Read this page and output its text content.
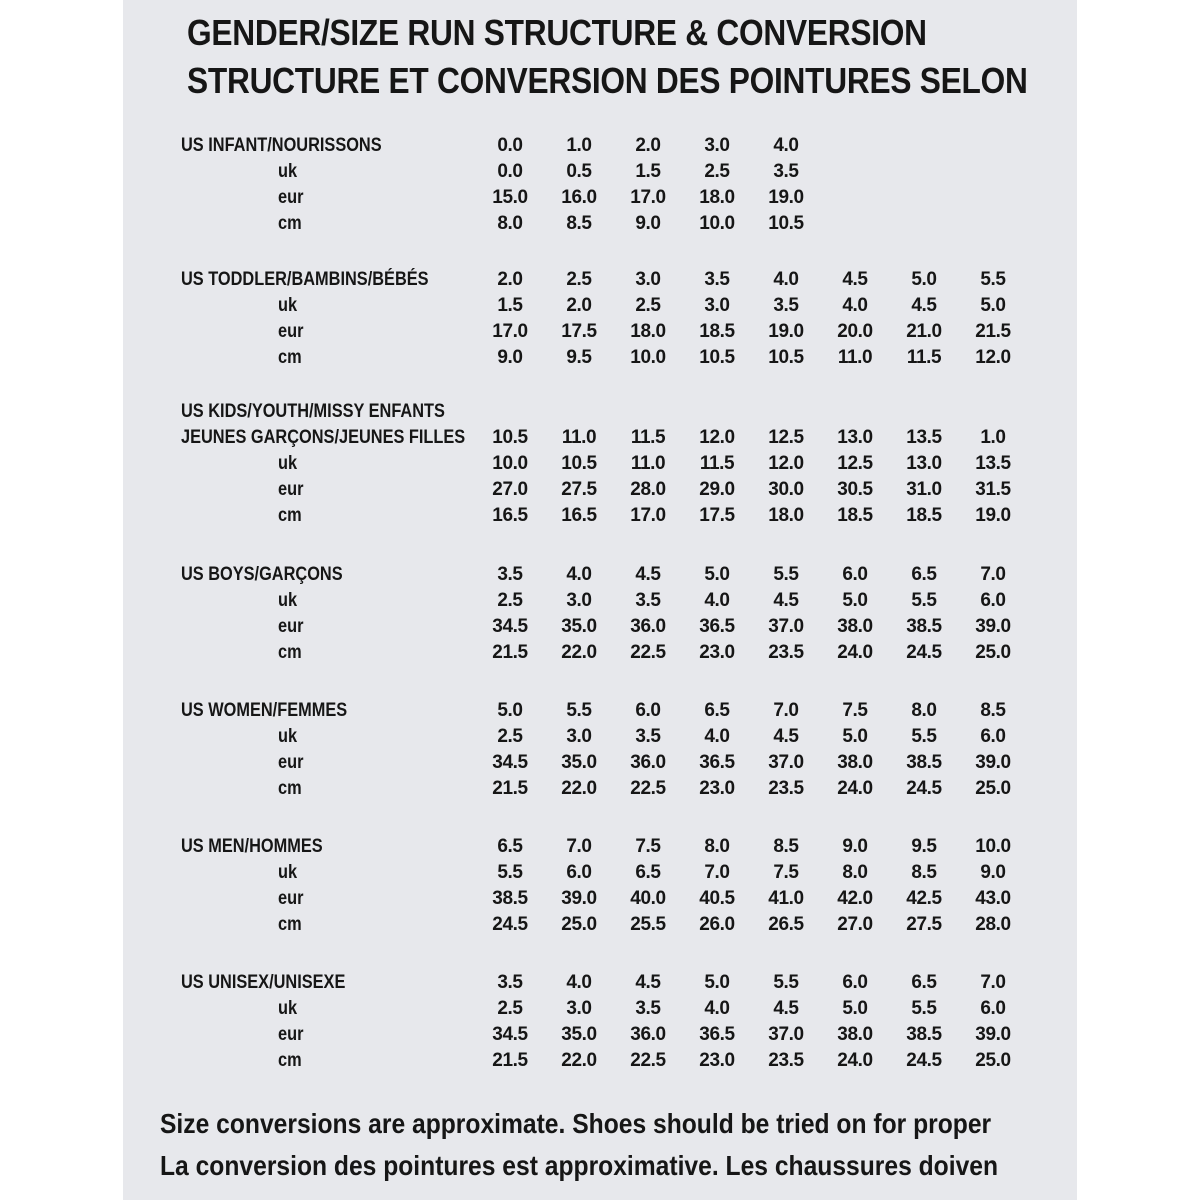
GENDER/SIZE RUN STRUCTURE & CONVERSION
STRUCTURE ET CONVERSION DES POINTURES SELON
US INFANT/NOURISSONS	0.0	1.0	2.0	3.0	4.0
uk	0.0	0.5	1.5	2.5	3.5
eur	15.0	16.0	17.0	18.0	19.0
cm	8.0	8.5	9.0	10.0	10.5
US TODDLER/BAMBINS/BÉBÉS	2.0	2.5	3.0	3.5	4.0	4.5	5.0	5.5
uk	1.5	2.0	2.5	3.0	3.5	4.0	4.5	5.0
eur	17.0	17.5	18.0	18.5	19.0	20.0	21.0	21.5
cm	9.0	9.5	10.0	10.5	10.5	11.0	11.5	12.0
US KIDS/YOUTH/MISSY ENFANTS
JEUNES GARÇONS/JEUNES FILLES	10.5	11.0	11.5	12.0	12.5	13.0	13.5	1.0
uk	10.0	10.5	11.0	11.5	12.0	12.5	13.0	13.5
eur	27.0	27.5	28.0	29.0	30.0	30.5	31.0	31.5
cm	16.5	16.5	17.0	17.5	18.0	18.5	18.5	19.0
US BOYS/GARÇONS	3.5	4.0	4.5	5.0	5.5	6.0	6.5	7.0
uk	2.5	3.0	3.5	4.0	4.5	5.0	5.5	6.0
eur	34.5	35.0	36.0	36.5	37.0	38.0	38.5	39.0
cm	21.5	22.0	22.5	23.0	23.5	24.0	24.5	25.0
US WOMEN/FEMMES	5.0	5.5	6.0	6.5	7.0	7.5	8.0	8.5
uk	2.5	3.0	3.5	4.0	4.5	5.0	5.5	6.0
eur	34.5	35.0	36.0	36.5	37.0	38.0	38.5	39.0
cm	21.5	22.0	22.5	23.0	23.5	24.0	24.5	25.0
US MEN/HOMMES	6.5	7.0	7.5	8.0	8.5	9.0	9.5	10.0
uk	5.5	6.0	6.5	7.0	7.5	8.0	8.5	9.0
eur	38.5	39.0	40.0	40.5	41.0	42.0	42.5	43.0
cm	24.5	25.0	25.5	26.0	26.5	27.0	27.5	28.0
US UNISEX/UNISEXE	3.5	4.0	4.5	5.0	5.5	6.0	6.5	7.0
uk	2.5	3.0	3.5	4.0	4.5	5.0	5.5	6.0
eur	34.5	35.0	36.0	36.5	37.0	38.0	38.5	39.0
cm	21.5	22.0	22.5	23.0	23.5	24.0	24.5	25.0

Size conversions are approximate. Shoes should be tried on for proper

La conversion des pointures est approximative. Les chaussures doiven
